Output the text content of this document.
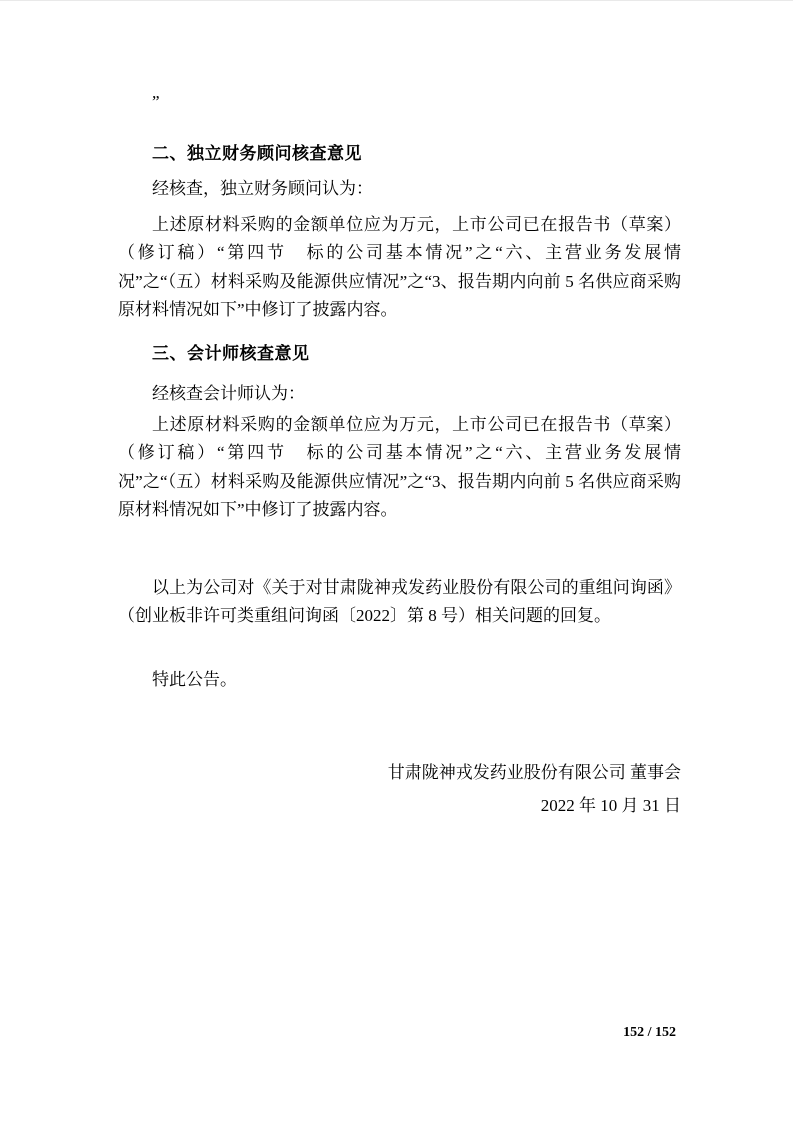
”
二、独立财务顾问核查意见

经核查，独立财务顾问认为：

上述原材料采购的金额单位应为万元，上市公司已在报告书（草案）（修订稿）“第四节　标的公司基本情况”之“六、主营业务发展情况”之“（五）材料采购及能源供应情况”之“3、报告期内向前 5 名供应商采购原材料情况如下”中修订了披露内容。

三、会计师核查意见

经核查会计师认为：

上述原材料采购的金额单位应为万元，上市公司已在报告书（草案）（修订稿）“第四节　标的公司基本情况”之“六、主营业务发展情况”之“（五）材料采购及能源供应情况”之“3、报告期内向前 5 名供应商采购原材料情况如下”中修订了披露内容。

以上为公司对《关于对甘肃陇神戎发药业股份有限公司的重组问询函》（创业板非许可类重组问询函〔2022〕第 8 号）相关问题的回复。

特此公告。

甘肃陇神戎发药业股份有限公司 董事会
2022 年 10 月 31 日
152 / 152
